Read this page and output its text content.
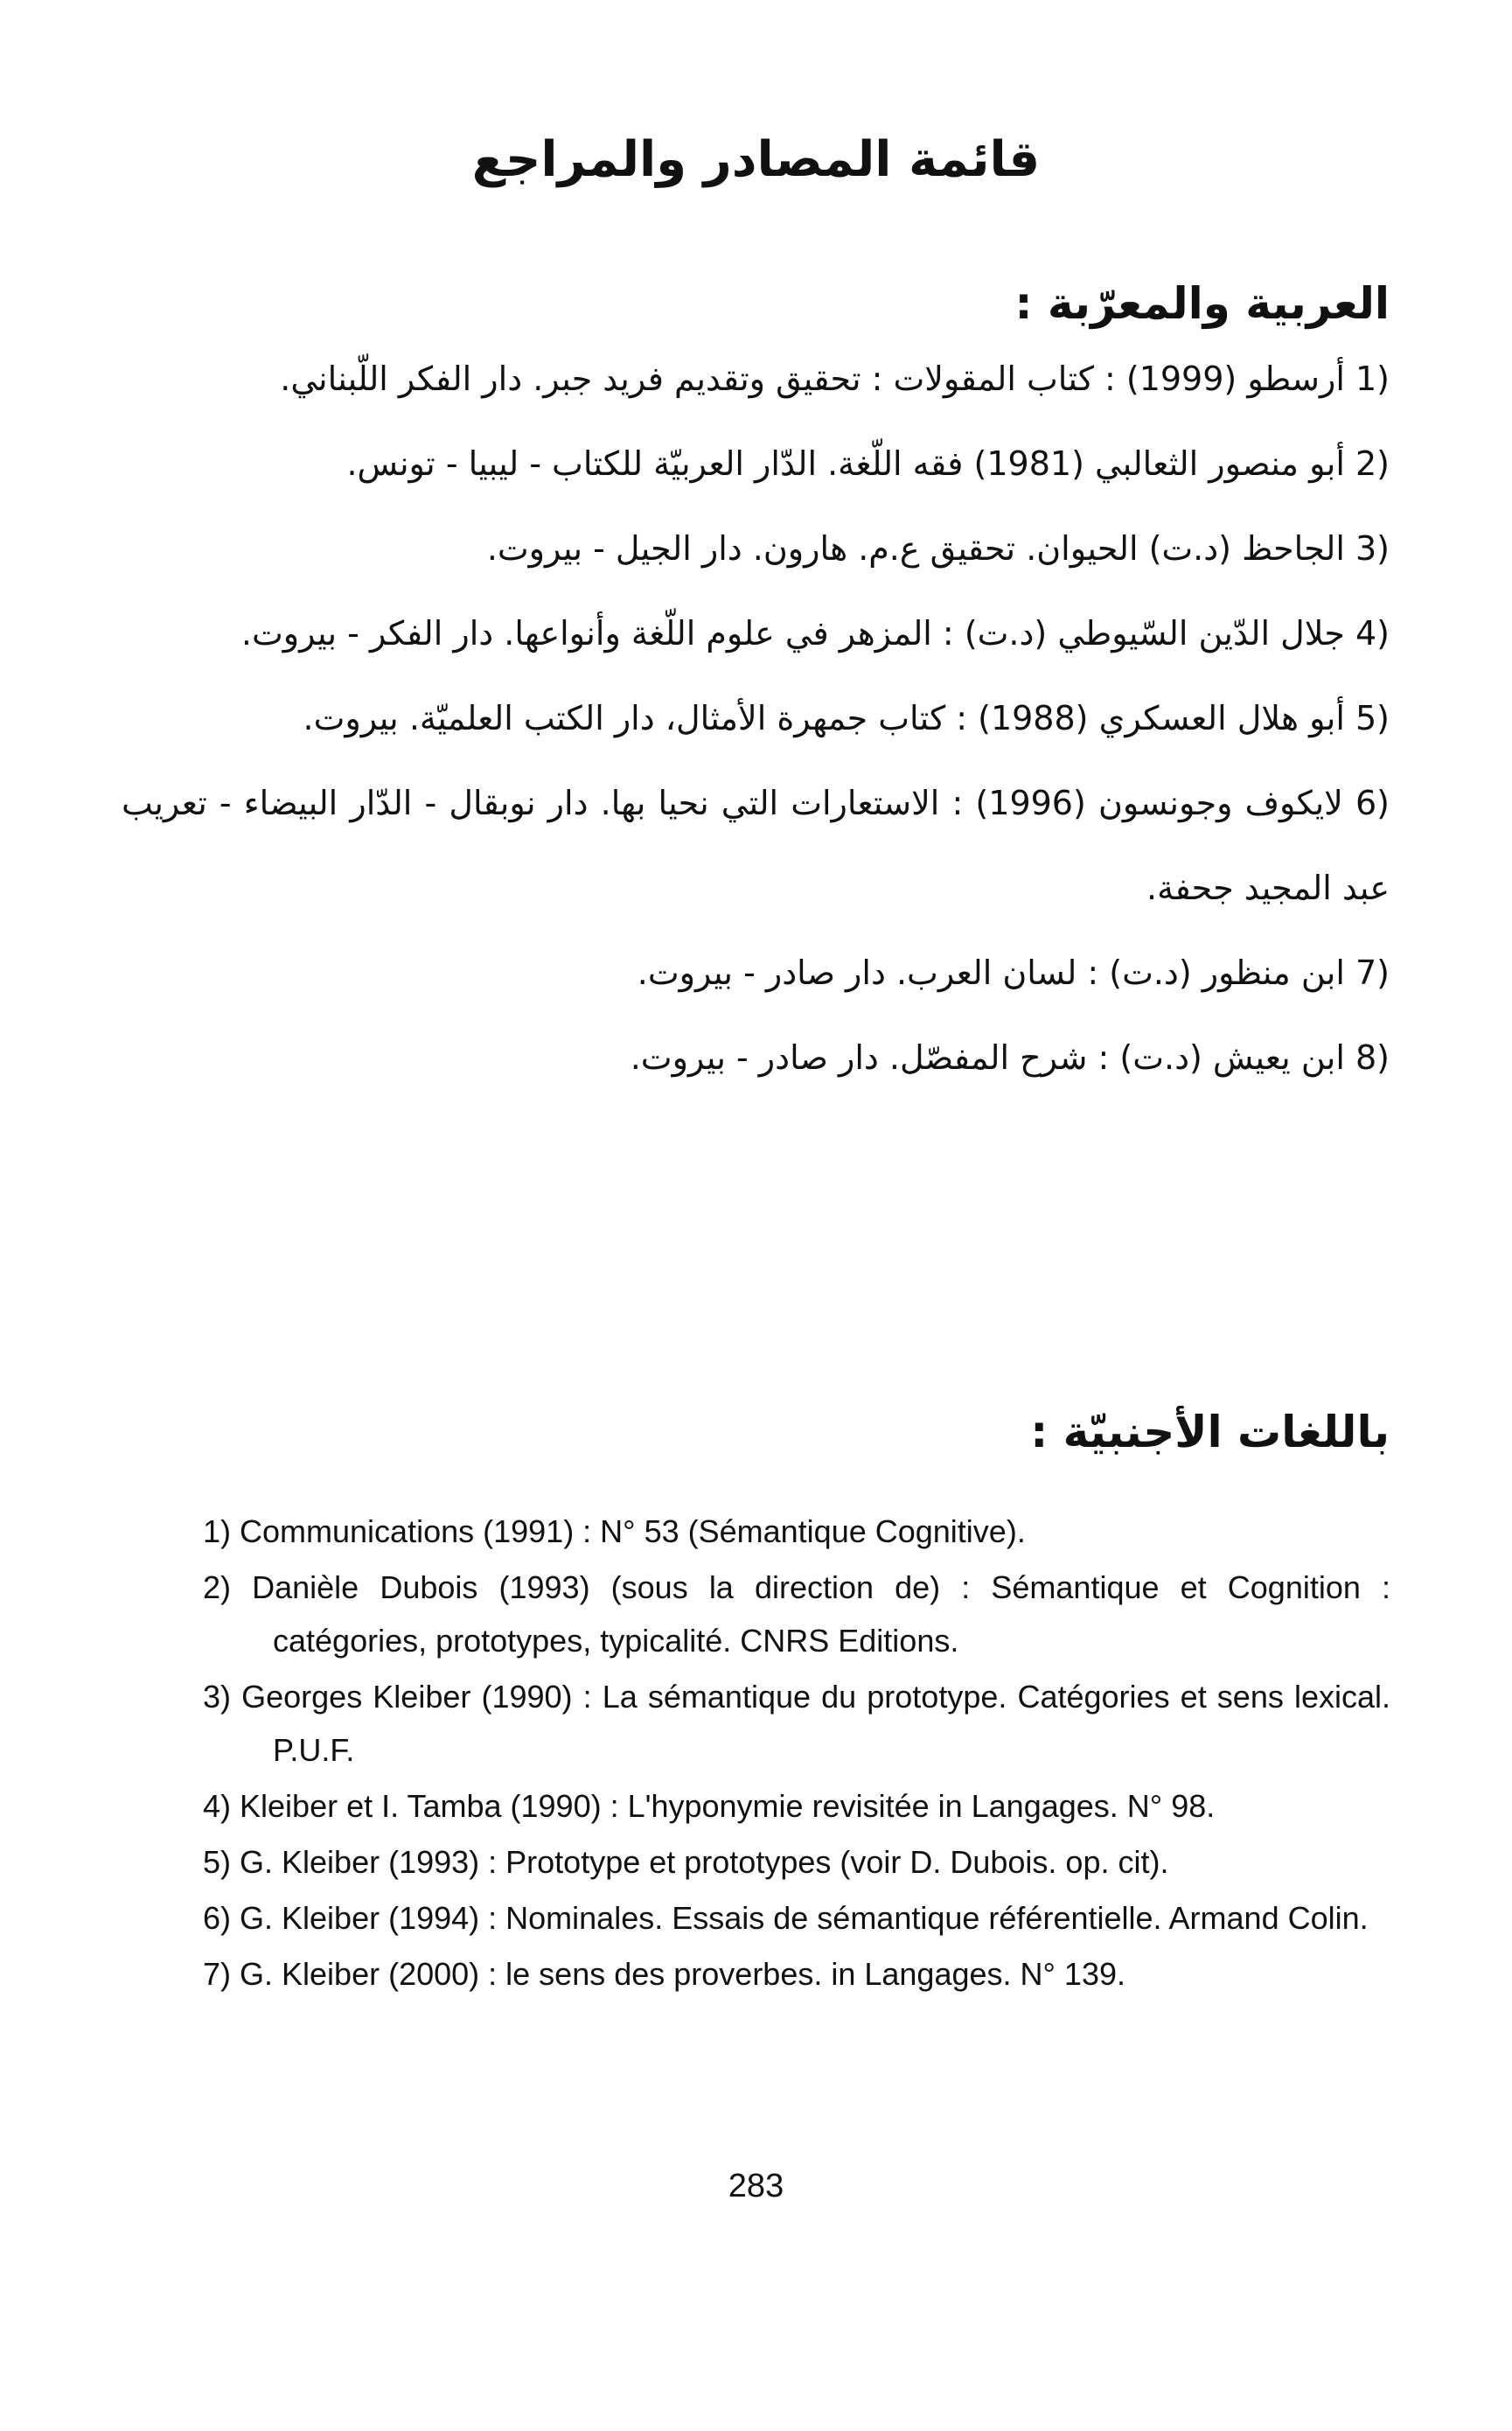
قائمة المصادر والمراجع
العربية والمعرّبة :
1) أرسطو (1999) : كتاب المقولات : تحقيق وتقديم فريد جبر. دار الفكر اللّبناني.
2) أبو منصور الثعالبي (1981) فقه اللّغة. الدّار العربيّة للكتاب - ليبيا - تونس.
3) الجاحظ (د.ت) الحيوان. تحقيق ع.م. هارون. دار الجيل - بيروت.
4) جلال الدّين السّيوطي (د.ت) : المزهر في علوم اللّغة وأنواعها. دار الفكر - بيروت.
5) أبو هلال العسكري (1988) : كتاب جمهرة الأمثال، دار الكتب العلميّة. بيروت.
6) لايكوف وجونسون (1996) : الاستعارات التي نحيا بها. دار نوبقال - الدّار البيضاء - تعريب عبد المجيد جحفة.
7) ابن منظور (د.ت) : لسان العرب. دار صادر - بيروت.
8) ابن يعيش (د.ت) : شرح المفصّل. دار صادر - بيروت.
باللغات الأجنبيّة :
1) Communications (1991) : N° 53 (Sémantique Cognitive).
2) Danièle Dubois (1993) (sous la direction de) : Sémantique et Cognition : catégories, prototypes, typicalité. CNRS Editions.
3) Georges Kleiber (1990) : La sémantique du prototype. Catégories et sens lexical. P.U.F.
4) Kleiber et I. Tamba (1990) : L'hyponymie revisitée in Langages. N° 98.
5) G. Kleiber (1993) : Prototype et prototypes (voir D. Dubois. op. cit).
6) G. Kleiber (1994) : Nominales. Essais de sémantique référentielle. Armand Colin.
7) G. Kleiber (2000) : le sens des proverbes. in Langages. N° 139.

283
